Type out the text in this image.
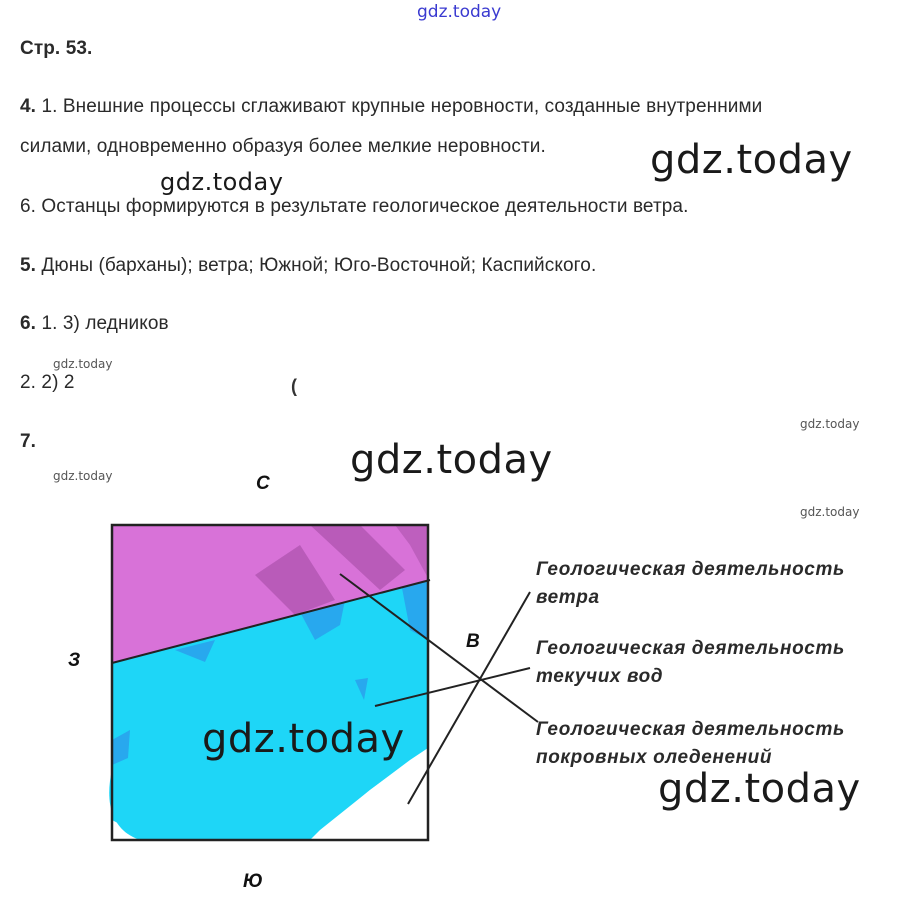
gdz.today
Стр. 53.
4. 1. Внешние процессы сглаживают крупные неровности, созданные внутренними
силами, одновременно образуя более мелкие неровности.
6. Останцы формируются в результате геологическое деятельности ветра.
5. Дюны (барханы); ветра; Южной; Юго-Восточной; Каспийского.
6. 1. 3) ледников
2. 2) 2
7.
С
З
В
Ю
Геологическая деятельность ветра
Геологическая деятельность текучих вод
Геологическая деятельность покровных оледенений
gdz.today
gdz.today
gdz.today
gdz.today
gdz.today
gdz.today
gdz.today
gdz.today
gdz.today
(
